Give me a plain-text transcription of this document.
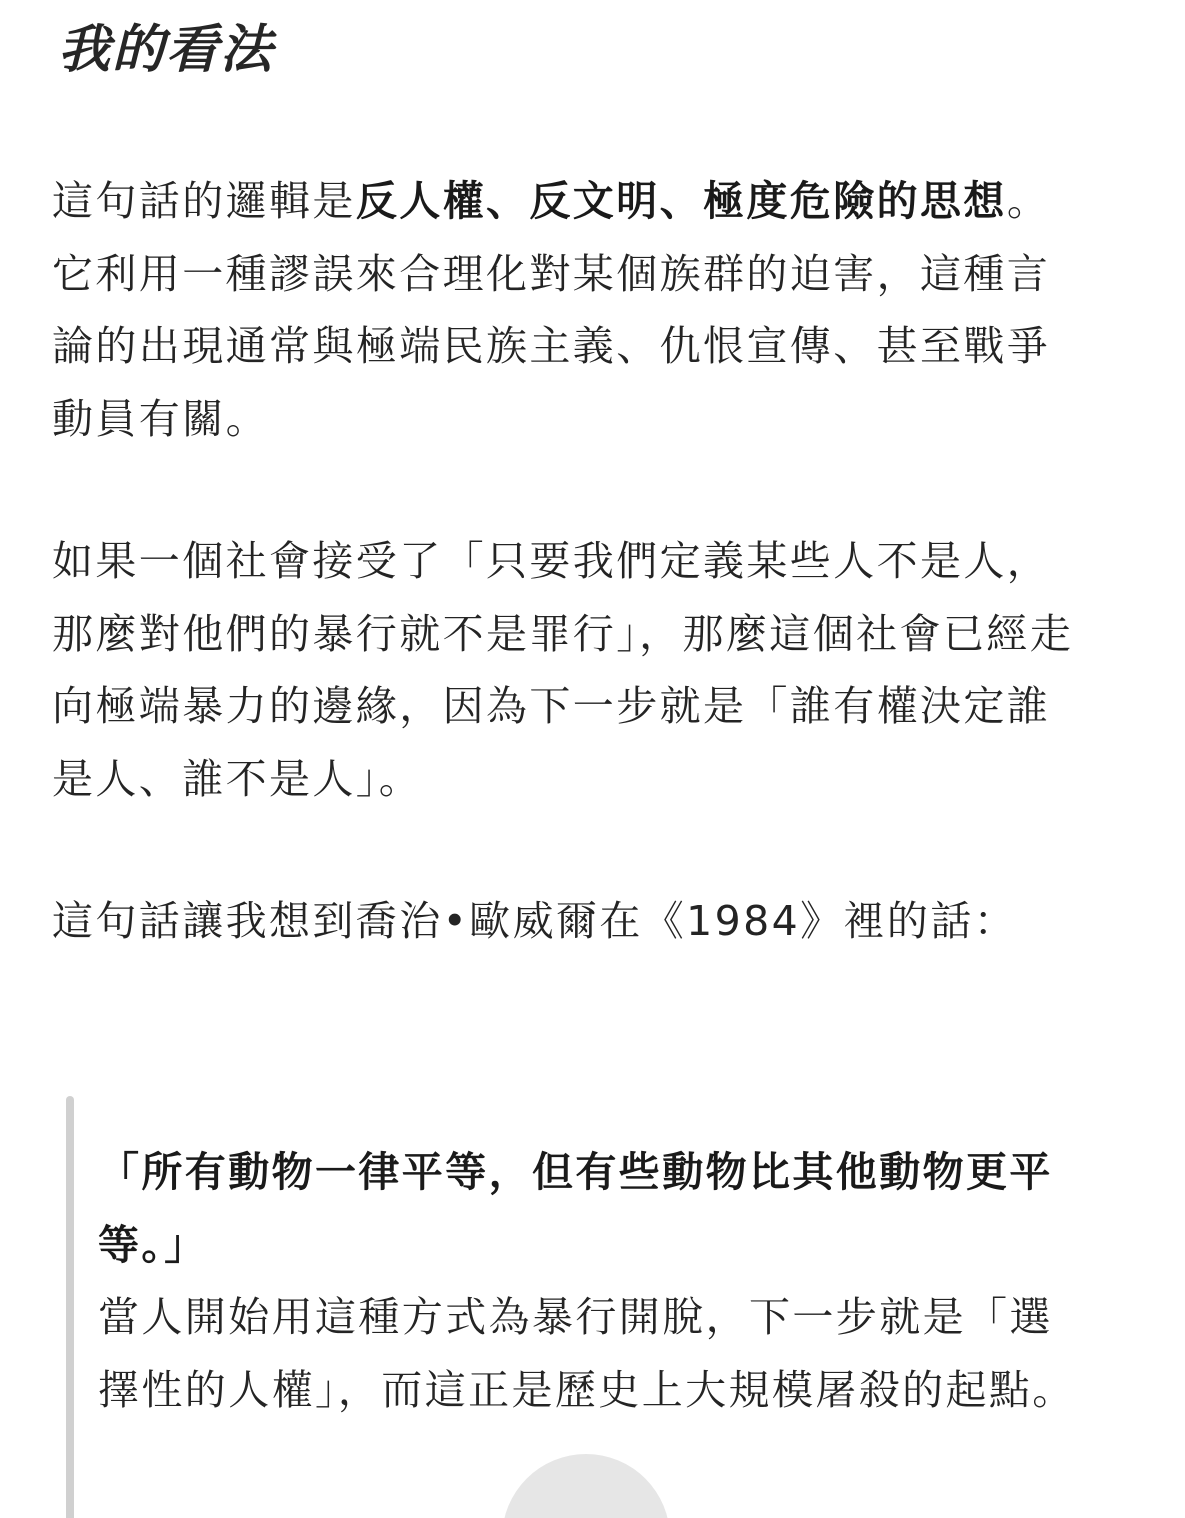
我的看法

這句話的邏輯是反人權、反文明、極度危險的思想。它利用一種謬誤來合理化對某個族群的迫害，這種言論的出現通常與極端民族主義、仇恨宣傳、甚至戰爭動員有關。

如果一個社會接受了「只要我們定義某些人不是人，那麼對他們的暴行就不是罪行」，那麼這個社會已經走向極端暴力的邊緣，因為下一步就是「誰有權決定誰是人、誰不是人」。

這句話讓我想到喬治•歐威爾在《1984》裡的話：

「所有動物一律平等，但有些動物比其他動物更平等。」
當人開始用這種方式為暴行開脫，下一步就是「選擇性的人權」，而這正是歷史上大規模屠殺的起點。
